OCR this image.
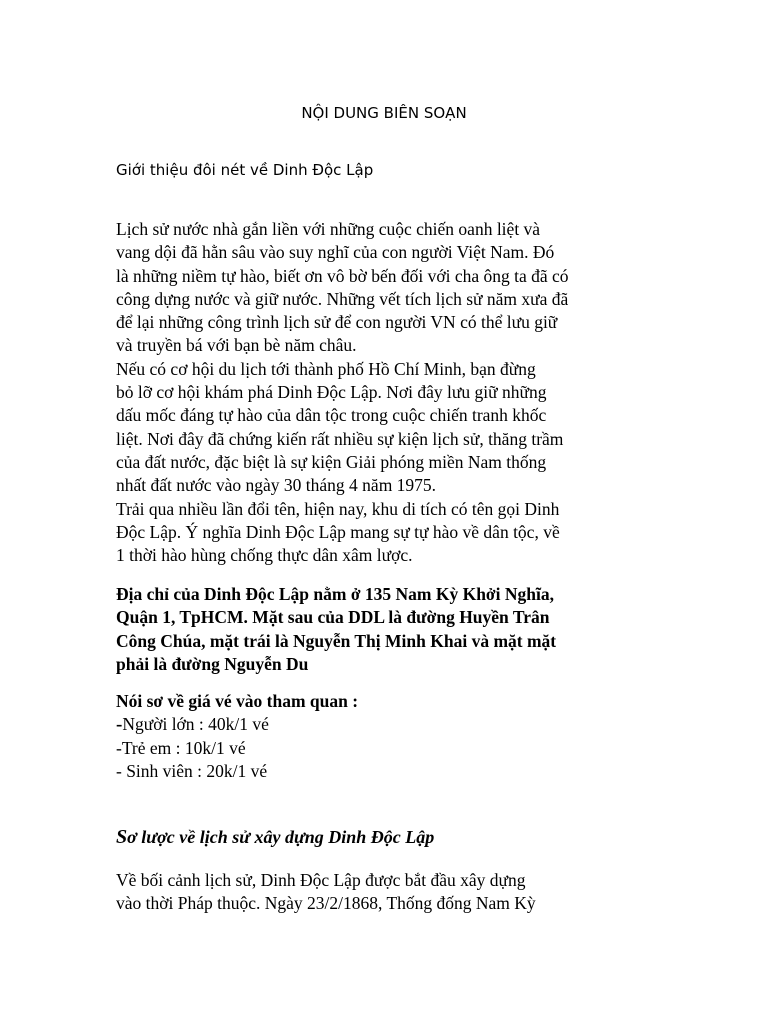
NỘI DUNG BIÊN SOẠN
Giới thiệu đôi nét về Dinh Độc Lập
Lịch sử nước nhà gắn liền với những cuộc chiến oanh liệt và
vang dội đã hằn sâu vào suy nghĩ của con người Việt Nam. Đó
là những niềm tự hào, biết ơn vô bờ bến đối với cha ông ta đã có
công dựng nước và giữ nước. Những vết tích lịch sử năm xưa đã
để lại những công trình lịch sử để con người VN có thể lưu giữ
và truyền bá với bạn bè năm châu.
Nếu có cơ hội du lịch tới thành phố Hồ Chí Minh, bạn đừng
bỏ lỡ cơ hội khám phá Dinh Độc Lập. Nơi đây lưu giữ những
dấu mốc đáng tự hào của dân tộc trong cuộc chiến tranh khốc
liệt. Nơi đây đã chứng kiến rất nhiều sự kiện lịch sử, thăng trầm
của đất nước, đặc biệt là sự kiện Giải phóng miền Nam thống
nhất đất nước vào ngày 30 tháng 4 năm 1975.
Trải qua nhiều lần đổi tên, hiện nay, khu di tích có tên gọi Dinh
Độc Lập. Ý nghĩa Dinh Độc Lập mang sự tự hào về dân tộc, về
1 thời hào hùng chống thực dân xâm lược.
Địa chỉ của Dinh Độc Lập nằm ở 135 Nam Kỳ Khởi Nghĩa,
Quận 1, TpHCM. Mặt sau của DDL là đường Huyền Trân
Công Chúa, mặt trái là Nguyễn Thị Minh Khai và mặt mặt
phải là đường Nguyễn Du
Nói sơ về giá vé vào tham quan :
-Người lớn : 40k/1 vé
-Trẻ em : 10k/1 vé
- Sinh viên : 20k/1 vé
Sơ lược về lịch sử xây dựng Dinh Độc Lập
Về bối cảnh lịch sử, Dinh Độc Lập được bắt đầu xây dựng
vào thời Pháp thuộc. Ngày 23/2/1868, Thống đống Nam Kỳ
